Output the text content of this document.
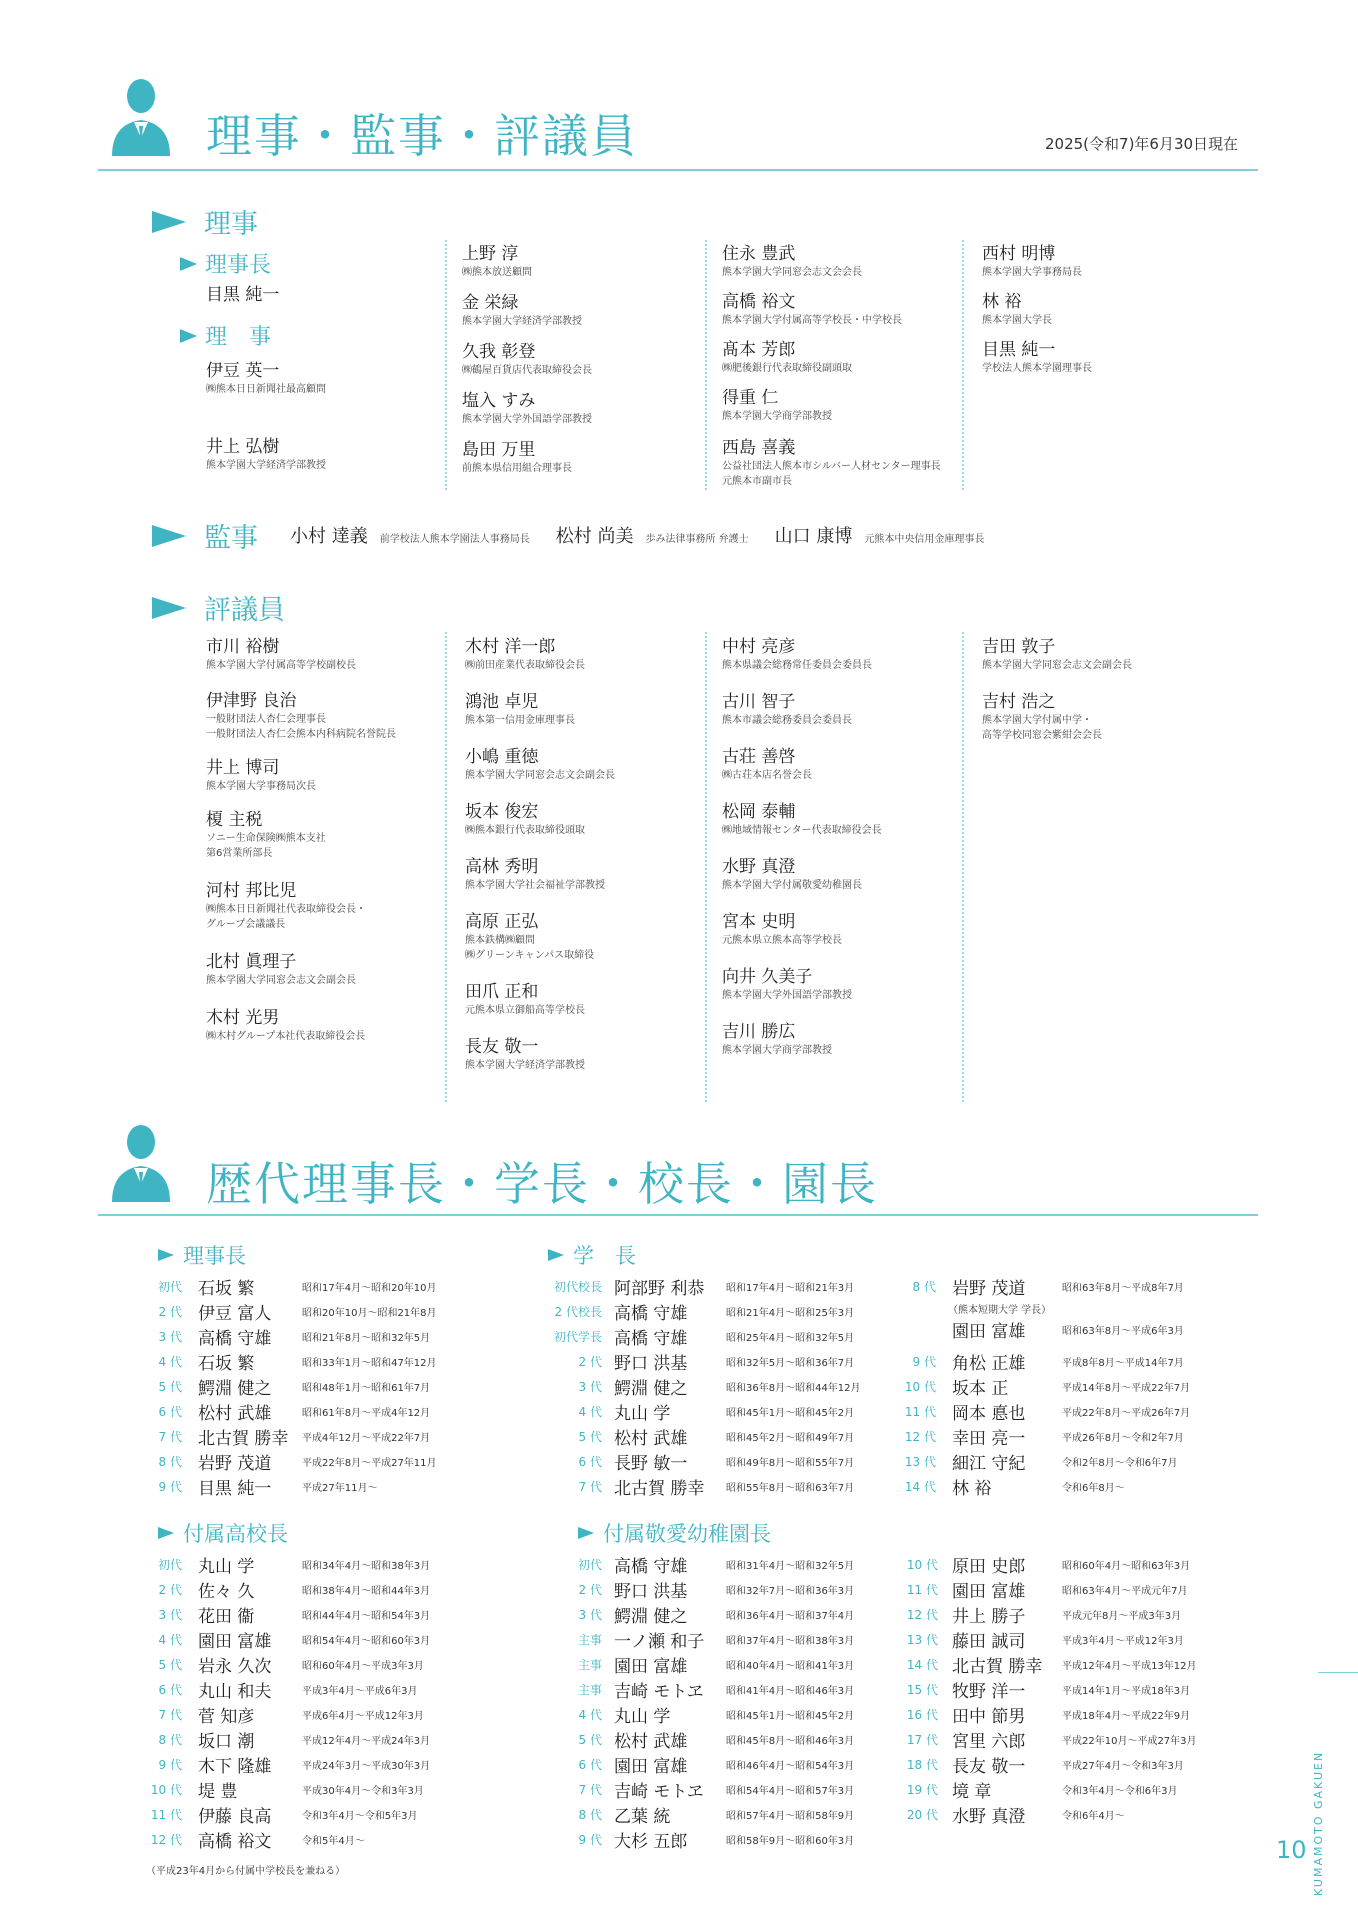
理事・監事・評議員	2025(令和7)年6月30日現在
理事
理事長
目黒 純一
理　事
伊豆 英一
㈱熊本日日新聞社最高顧問
井上 弘樹
熊本学園大学経済学部教授
上野 淳
㈱熊本放送顧問
金 栄緑
熊本学園大学経済学部教授
久我 彰登
㈱鶴屋百貨店代表取締役会長
塩入 すみ
熊本学園大学外国語学部教授
島田 万里
前熊本県信用組合理事長
住永 豊武
熊本学園大学同窓会志文会会長
高橋 裕文
熊本学園大学付属高等学校長・中学校長
髙本 芳郎
㈱肥後銀行代表取締役副頭取
得重 仁
熊本学園大学商学部教授
西島 喜義
公益社団法人熊本市シルバー人材センター理事長
元熊本市副市長
西村 明博
熊本学園大学事務局長
林 裕
熊本学園大学長
目黒 純一
学校法人熊本学園理事長
監事 小村 達義 前学校法人熊本学園法人事務局長 松村 尚美 歩み法律事務所 弁護士 山口 康博 元熊本中央信用金庫理事長
評議員
市川 裕樹
熊本学園大学付属高等学校副校長
伊津野 良治
一般財団法人杏仁会理事長
一般財団法人杏仁会熊本内科病院名誉院長
井上 博司
熊本学園大学事務局次長
榎 主税
ソニー生命保険㈱熊本支社
第6営業所部長
河村 邦比児
㈱熊本日日新聞社代表取締役会長・
グループ会議議長
北村 眞理子
熊本学園大学同窓会志文会副会長
木村 光男
㈱木村グループ本社代表取締役会長
木村 洋一郎
㈱前田産業代表取締役会長
鴻池 卓児
熊本第一信用金庫理事長
小嶋 重徳
熊本学園大学同窓会志文会副会長
坂本 俊宏
㈱熊本銀行代表取締役頭取
高林 秀明
熊本学園大学社会福祉学部教授
高原 正弘
熊本鉄構㈱顧問
㈱グリーンキャンパス取締役
田爪 正和
元熊本県立御船高等学校長
長友 敬一
熊本学園大学経済学部教授
中村 亮彦
熊本県議会総務常任委員会委員長
古川 智子
熊本市議会総務委員会委員長
古荘 善啓
㈱古荘本店名誉会長
松岡 泰輔
㈱地域情報センター代表取締役会長
水野 真澄
熊本学園大学付属敬愛幼稚園長
宮本 史明
元熊本県立熊本高等学校長
向井 久美子
熊本学園大学外国語学部教授
吉川 勝広
熊本学園大学商学部教授
吉田 敦子
熊本学園大学同窓会志文会副会長
吉村 浩之
熊本学園大学付属中学・
高等学校同窓会紫紺会会長
歴代理事長・学長・校長・園長
理事長
初代 石坂 繁	昭和17年4月～昭和20年10月
2 代 伊豆 富人	昭和20年10月～昭和21年8月
3 代 高橋 守雄	昭和21年8月～昭和32年5月
4 代 石坂 繁	昭和33年1月～昭和47年12月
5 代 鰐淵 健之	昭和48年1月～昭和61年7月
6 代 松村 武雄	昭和61年8月～平成4年12月
7 代 北古賀 勝幸 平成4年12月～平成22年7月
8 代 岩野 茂道	平成22年8月～平成27年11月
9 代 目黒 純一	平成27年11月～
学　長
初代校長 阿部野 利恭 昭和17年4月～昭和21年3月
2 代校長 高橋 守雄	昭和21年4月～昭和25年3月
初代学長 高橋 守雄	昭和25年4月～昭和32年5月
2 代 野口 洪基	昭和32年5月～昭和36年7月
3 代 鰐淵 健之	昭和36年8月～昭和44年12月
4 代 丸山 学	昭和45年1月～昭和45年2月
5 代 松村 武雄	昭和45年2月～昭和49年7月
6 代 長野 敏一	昭和49年8月～昭和55年7月
7 代 北古賀 勝幸 昭和55年8月～昭和63年7月
8 代 岩野 茂道	昭和63年8月～平成8年7月
（熊本短期大学 学長）
園田 富雄	昭和63年8月～平成6年3月
9 代 角松 正雄	平成8年8月～平成14年7月
10 代 坂本 正	平成14年8月～平成22年7月
11 代 岡本 悳也	平成22年8月～平成26年7月
12 代 幸田 亮一	平成26年8月～令和2年7月
13 代 細江 守紀	令和2年8月～令和6年7月
14 代 林 裕	令和6年8月～
付属高校長
初代 丸山 学	昭和34年4月～昭和38年3月
2 代 佐々 久	昭和38年4月～昭和44年3月
3 代 花田 衞	昭和44年4月～昭和54年3月
4 代 園田 富雄	昭和54年4月～昭和60年3月
5 代 岩永 久次	昭和60年4月～平成3年3月
6 代 丸山 和夫	平成3年4月～平成6年3月
7 代 菅 知彦	平成6年4月～平成12年3月
8 代 坂口 潮	平成12年4月～平成24年3月
9 代 木下 隆雄	平成24年3月～平成30年3月
10 代 堤 豊	平成30年4月～令和3年3月
11 代 伊藤 良高	令和3年4月～令和5年3月
12 代 高橋 裕文	令和5年4月～
（平成23年4月から付属中学校長を兼ねる）
付属敬愛幼稚園長
初代 高橋 守雄	昭和31年4月～昭和32年5月
2 代 野口 洪基	昭和32年7月～昭和36年3月
3 代 鰐淵 健之	昭和36年4月～昭和37年4月
主事 一ノ瀬 和子 昭和37年4月～昭和38年3月
主事 園田 富雄	昭和40年4月～昭和41年3月
主事 吉崎 モトヱ 昭和41年4月～昭和46年3月
4 代 丸山 学	昭和45年1月～昭和45年2月
5 代 松村 武雄	昭和45年8月～昭和46年3月
6 代 園田 富雄	昭和46年4月～昭和54年3月
7 代 吉崎 モトヱ 昭和54年4月～昭和57年3月
8 代 乙葉 統	昭和57年4月～昭和58年9月
9 代 大杉 五郎	昭和58年9月～昭和60年3月
10 代 原田 史郎	昭和60年4月～昭和63年3月
11 代 園田 富雄	昭和63年4月～平成元年7月
12 代 井上 勝子	平成元年8月～平成3年3月
13 代 藤田 誠司	平成3年4月～平成12年3月
14 代 北古賀 勝幸 平成12年4月～平成13年12月
15 代 牧野 洋一	平成14年1月～平成18年3月
16 代 田中 節男	平成18年4月～平成22年9月
17 代 宮里 六郎	平成22年10月～平成27年3月
18 代 長友 敬一	平成27年4月～令和3年3月
19 代 境 章	令和3年4月～令和6年3月
20 代 水野 真澄	令和6年4月～
10 KUMAMOTO GAKUEN
